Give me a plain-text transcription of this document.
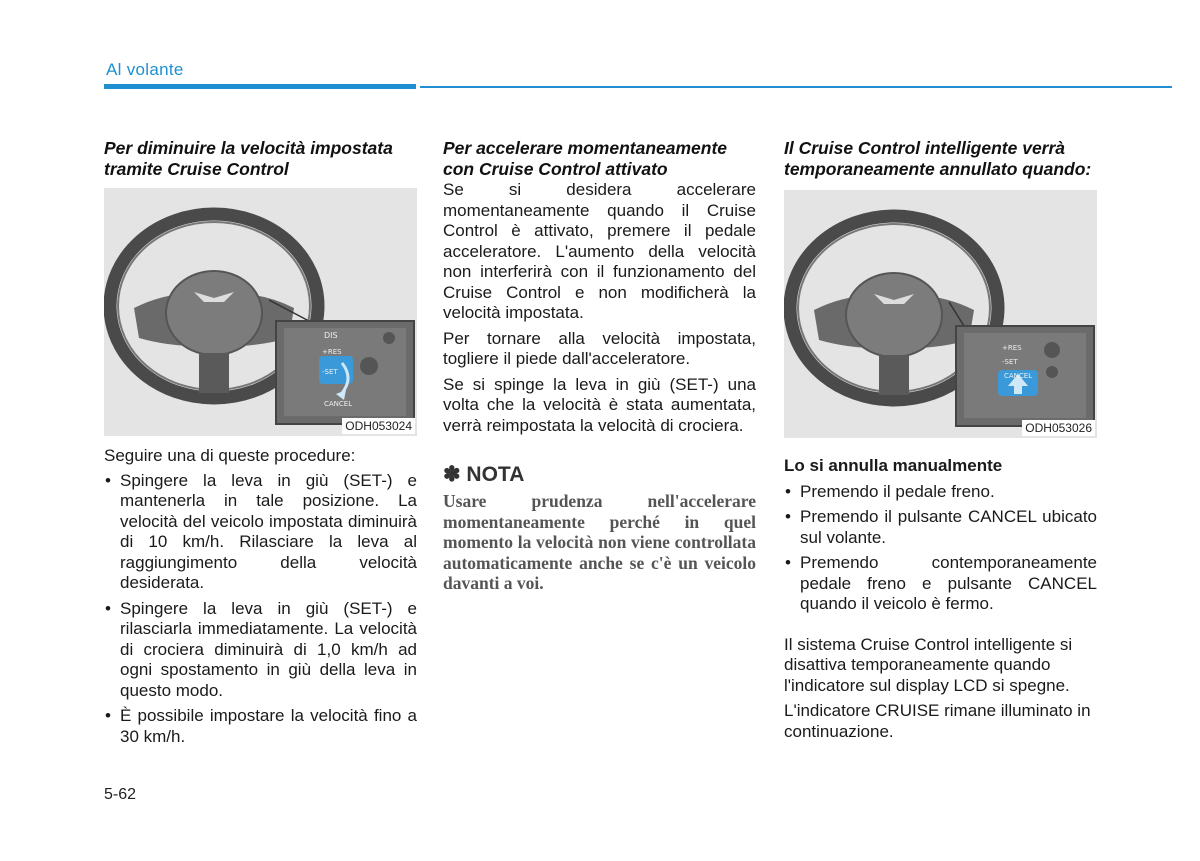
Al volante

Per diminuire la velocità impostata tramite Cruise Control

DIS
+RES
-SET
CANCEL
ODH053024

Seguire una di queste procedure:

• Spingere la leva in giù (SET-) e mantenerla in tale posizione. La velocità del veicolo impostata diminuirà di 10 km/h. Rilasciare la leva al raggiungimento della velocità desiderata.
• Spingere la leva in giù (SET-) e rilasciarla immediatamente. La velocità di crociera diminuirà di 1,0 km/h ad ogni spostamento in giù della leva in questo modo.
• È possibile impostare la velocità fino a 30 km/h.

Per accelerare momentaneamente con Cruise Control attivato

Se si desidera accelerare momentaneamente quando il Cruise Control è attivato, premere il pedale acceleratore. L'aumento della velocità non interferirà con il funzionamento del Cruise Control e non modificherà la velocità impostata.

Per tornare alla velocità impostata, togliere il piede dall'acceleratore.

Se si spinge la leva in giù (SET-) una volta che la velocità è stata aumentata, verrà reimpostata la velocità di crociera.

✽ NOTA

Usare prudenza nell'accelerare momentaneamente perché in quel momento la velocità non viene controllata automaticamente anche se c'è un veicolo davanti a voi.

Il Cruise Control intelligente verrà temporaneamente annullato quando:

+RES
-SET
CANCEL
ODH053026
Lo si annulla manualmente
• Premendo il pedale freno.
• Premendo il pulsante CANCEL ubicato sul volante.
• Premendo contemporaneamente pedale freno e pulsante CANCEL quando il veicolo è fermo.

Il sistema Cruise Control intelligente si disattiva temporaneamente quando l'indicatore sul display LCD si spegne.

L'indicatore CRUISE rimane illuminato in continuazione.

5-62
